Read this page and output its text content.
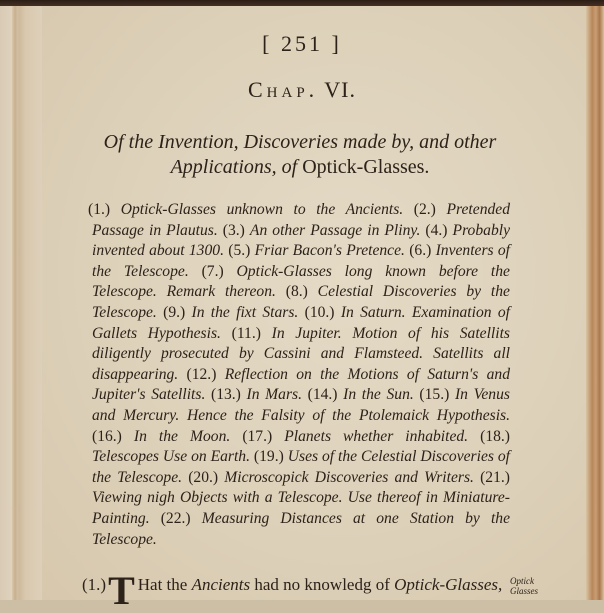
[ 251 ]
Chap. VI.
Of the Invention, Discoveries made by, and other
Applications, of Optick-Glasses.
(1.) Optick-Glasses unknown to the Ancients. (2.) Pretended Passage in Plautus. (3.) An other Passage in Pliny. (4.) Probably invented about 1300. (5.) Friar Bacon's Pretence. (6.) Inventers of the Telescope. (7.) Optick-Glasses long known before the Telescope. Remark thereon. (8.) Celestial Discoveries by the Telescope. (9.) In the fixt Stars. (10.) In Saturn. Examination of Gallets Hypothesis. (11.) In Jupiter. Motion of his Satellits diligently prosecuted by Cassini and Flamsteed. Satellits all disappearing. (12.) Reflection on the Motions of Saturn's and Jupiter's Satellits. (13.) In Mars. (14.) In the Sun. (15.) In Venus and Mercury. Hence the Falsity of the Ptolemaick Hypothesis. (16.) In the Moon. (17.) Planets whether inhabited. (18.) Telescopes Use on Earth. (19.) Uses of the Celestial Discoveries of the Telescope. (20.) Microscopick Discoveries and Writers. (21.) Viewing nigh Objects with a Telescope. Use thereof in Miniature-Painting. (22.) Measuring Distances at one Station by the Telescope.
(1.)T Hat the Ancients had no knowledg of Optick-Glasses, Optick Glasses
